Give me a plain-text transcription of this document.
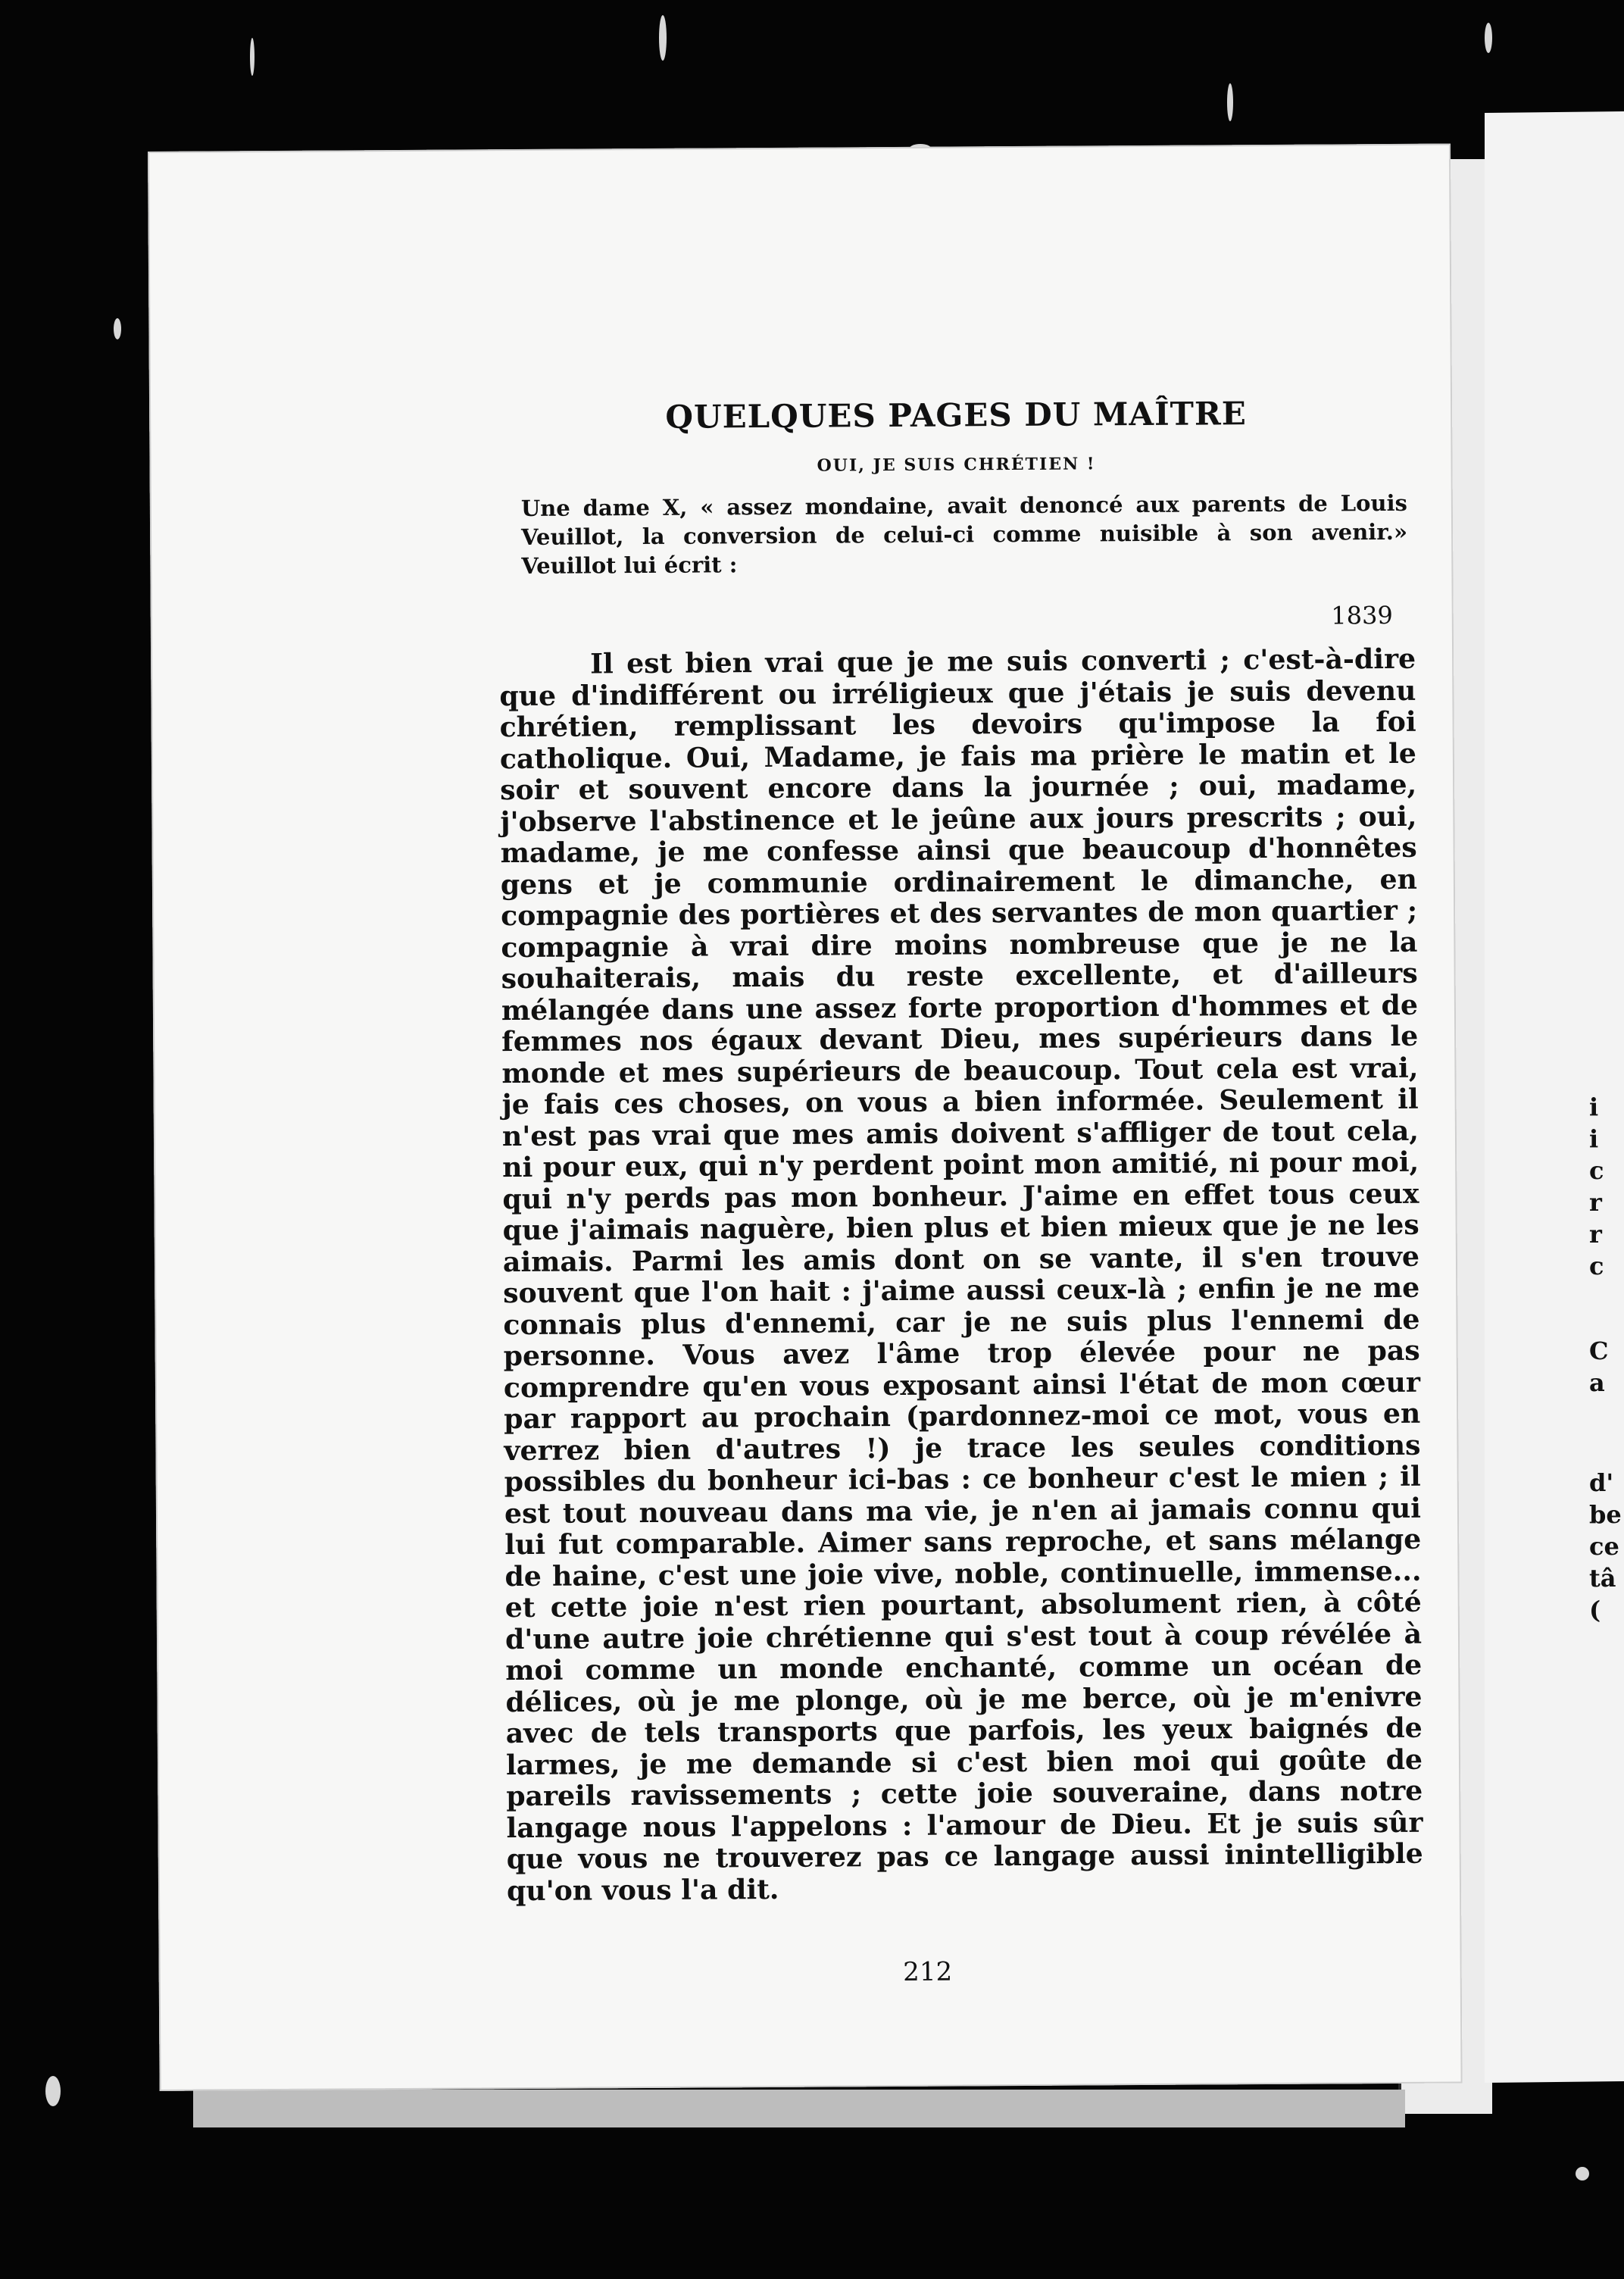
i
i
c
r
r
c
C
a
d'
be
ce
tâ
(
QUELQUES PAGES DU MAÎTRE
OUI, JE SUIS CHRÉTIEN !
Une dame X, « assez mondaine, avait denoncé aux parents de Louis Veuillot, la conversion de celui-ci comme nuisible à son avenir.» Veuillot lui écrit :
1839
Il est bien vrai que je me suis converti ; c'est-à-dire que d'indifférent ou irréligieux que j'étais je suis devenu chrétien, remplissant les devoirs qu'impose la foi catholique. Oui, Madame, je fais ma prière le matin et le soir et souvent encore dans la journée ; oui, madame, j'observe l'abstinence et le jeûne aux jours prescrits ; oui, madame, je me confesse ainsi que beaucoup d'honnêtes gens et je communie ordinairement le dimanche, en compagnie des portières et des servantes de mon quartier ; compagnie à vrai dire moins nombreuse que je ne la souhaiterais, mais du reste excellente, et d'ailleurs mélangée dans une assez forte proportion d'hommes et de femmes nos égaux devant Dieu, mes supérieurs dans le monde et mes supérieurs de beaucoup. Tout cela est vrai, je fais ces choses, on vous a bien informée. Seulement il n'est pas vrai que mes amis doivent s'affliger de tout cela, ni pour eux, qui n'y perdent point mon amitié, ni pour moi, qui n'y perds pas mon bonheur. J'aime en effet tous ceux que j'aimais naguère, bien plus et bien mieux que je ne les aimais. Parmi les amis dont on se vante, il s'en trouve souvent que l'on hait : j'aime aussi ceux-là ; enfin je ne me connais plus d'ennemi, car je ne suis plus l'ennemi de personne. Vous avez l'âme trop élevée pour ne pas comprendre qu'en vous exposant ainsi l'état de mon cœur par rapport au prochain (pardonnez-moi ce mot, vous en verrez bien d'autres !) je trace les seules conditions possibles du bonheur ici-bas : ce bonheur c'est le mien ; il est tout nouveau dans ma vie, je n'en ai jamais connu qui lui fut comparable. Aimer sans reproche, et sans mélange de haine, c'est une joie vive, noble, continuelle, immense... et cette joie n'est rien pourtant, absolument rien, à côté d'une autre joie chrétienne qui s'est tout à coup révélée à moi comme un monde enchanté, comme un océan de délices, où je me plonge, où je me berce, où je m'enivre avec de tels transports que parfois, les yeux baignés de larmes, je me demande si c'est bien moi qui goûte de pareils ravissements ; cette joie souveraine, dans notre langage nous l'appelons : l'amour de Dieu. Et je suis sûr que vous ne trouverez pas ce langage aussi inintelligible qu'on vous l'a dit.
212
